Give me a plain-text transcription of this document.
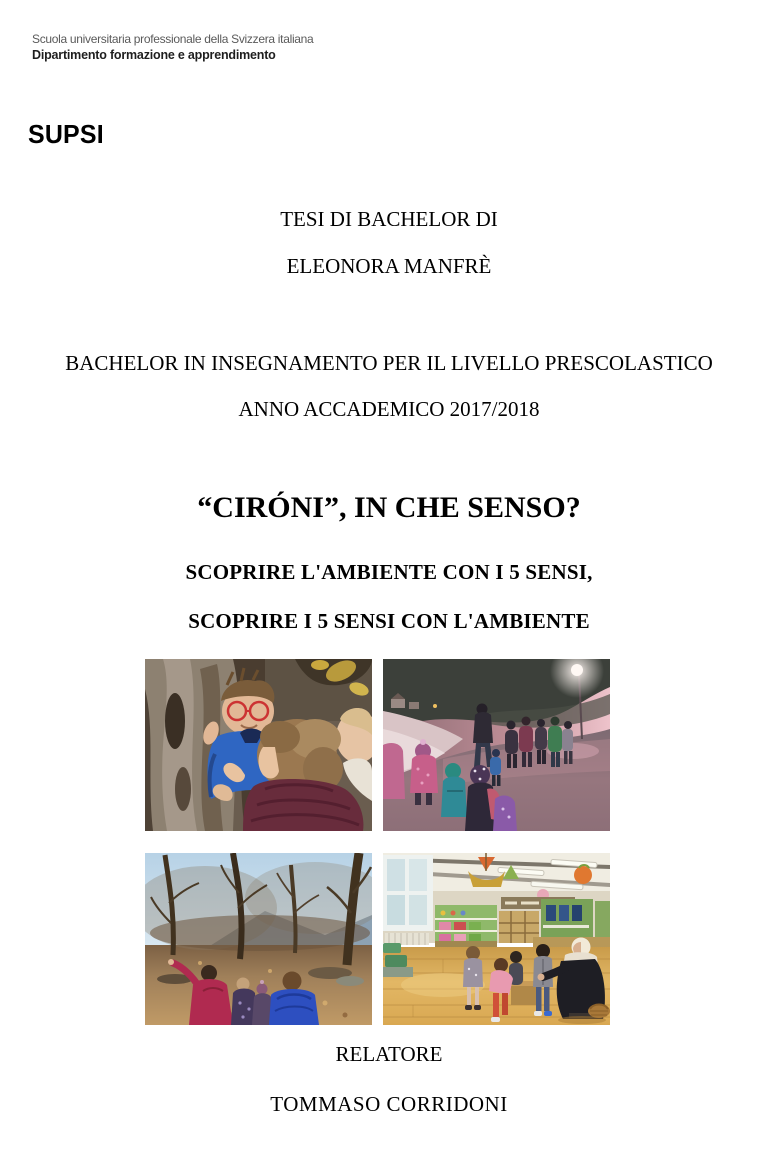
Scuola universitaria professionale della Svizzera italiana
Dipartimento formazione e apprendimento
SUPSI
TESI DI BACHELOR DI
ELEONORA MANFRÈ
BACHELOR IN INSEGNAMENTO PER IL LIVELLO PRESCOLASTICO
ANNO ACCADEMICO 2017/2018
“CIRÓNI”, IN CHE SENSO?
SCOPRIRE L'AMBIENTE CON I 5 SENSI,
SCOPRIRE I 5 SENSI CON L'AMBIENTE
RELATORE
TOMMASO CORRIDONI
